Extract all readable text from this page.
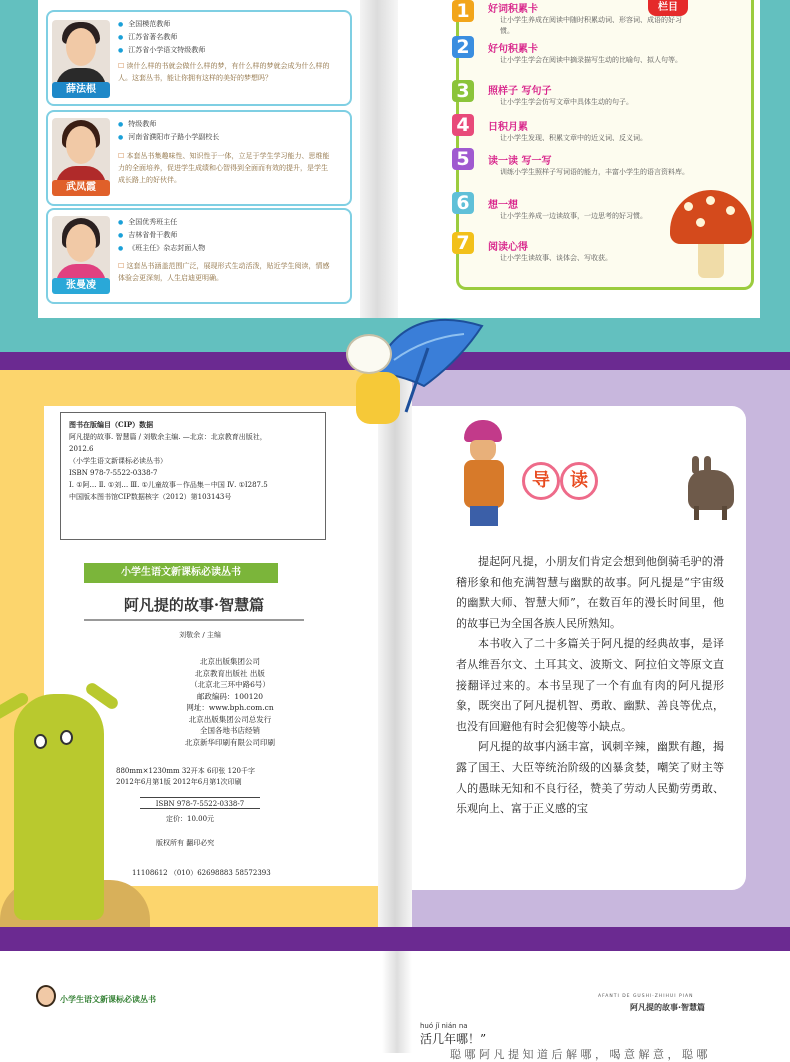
薛法根
● 全国模范教师
● 江苏省著名教师
● 江苏省小学语文特级教师
☐ 读什么样的书就会做什么样的梦，有什么样的梦就会成为什么样的人。这套丛书，能让你拥有这样的美好的梦想吗？
武凤霞
● 特级教师
● 河南省濮阳市子路小学副校长
☐ 本套丛书集趣味性、知识性于一体，立足于学生学习能力、思维能力的全面培养，促进学生成绩和心智得到全面而有效的提升，是学生成长路上的好伙伴。
张曼凌
● 全国优秀班主任
● 吉林省骨干教师
● 《班主任》杂志封面人物
☐ 这套丛书涵盖范围广泛，展现形式生动活泼，贴近学生阅读，情感体验会更深刻，人生启迪更明确。
栏目
1	好词积累卡
让小学生养成在阅读中随时积累动词、形容词、成语的好习惯。
2	好句积累卡
让小学生学会在阅读中摘录描写生动的比喻句、拟人句等。
3	照样子 写句子
让小学生学会仿写文章中具体生动的句子。
4	日积月累
让小学生发现、积累文章中的近义词、反义词。
5	读一读 写一写
训练小学生照样子写词语的能力，丰富小学生的语言资料库。
6	想一想
让小学生养成一边读故事，一边思考的好习惯。
7	阅读心得
让小学生读故事、谈体会、写收获。
图书在版编目（CIP）数据
阿凡提的故事. 智慧篇 / 刘敬余主编. —北京：北京教育出版社，
2012.6
（小学生语文新课标必读丛书）
ISBN 978-7-5522-0338-7
Ⅰ. ①阿… Ⅱ. ①刘… Ⅲ. ①儿童故事－作品集－中国 Ⅳ. ①I287.5
中国版本图书馆CIP数据核字（2012）第103143号
小学生语文新课标必读丛书
阿凡提的故事·智慧篇
刘敬余 / 主编
北京出版集团公司
北京教育出版社 出版
（北京北三环中路6号）
邮政编码：100120
网址：www.bph.com.cn
北京出版集团公司总发行
全国各地书店经销
北京新华印刷有限公司印刷
880mm×1230mm 32开本 6印张 120千字
2012年6月第1版 2012年6月第1次印刷
ISBN 978-7-5522-0338-7
定价：10.00元
版权所有 翻印必究
11108612 （010）62698883 58572393
导	读

提起阿凡提，小朋友们肯定会想到他倒骑毛驴的滑稽形象和他充满智慧与幽默的故事。阿凡提是“宇宙级的幽默大师、智慧大师”，在数百年的漫长时间里，他的故事已为全国各族人民所熟知。

本书收入了二十多篇关于阿凡提的经典故事，是译者从维吾尔文、土耳其文、波斯文、阿拉伯文等原文直接翻译过来的。本书呈现了一个有血有肉的阿凡提形象，既突出了阿凡提机智、勇敢、幽默、善良等优点，也没有回避他有时会犯傻等小缺点。

阿凡提的故事内涵丰富，讽刺辛辣，幽默有趣，揭露了国王、大臣等统治阶级的凶暴贪婪，嘲笑了财主等人的愚昧无知和不良行径，赞美了劳动人民勤劳勇敢、乐观向上、富于正义感的宝

小学生语文新课标必读丛书	AFANTI DE GUSHI·ZHIHUI PIAN
阿凡提的故事·智慧篇
huó jǐ nián na
活几年哪！”
聪 哪 阿 凡 提 知 道 后 解 哪 ， 喝 意 解 意 ， 聪 哪
